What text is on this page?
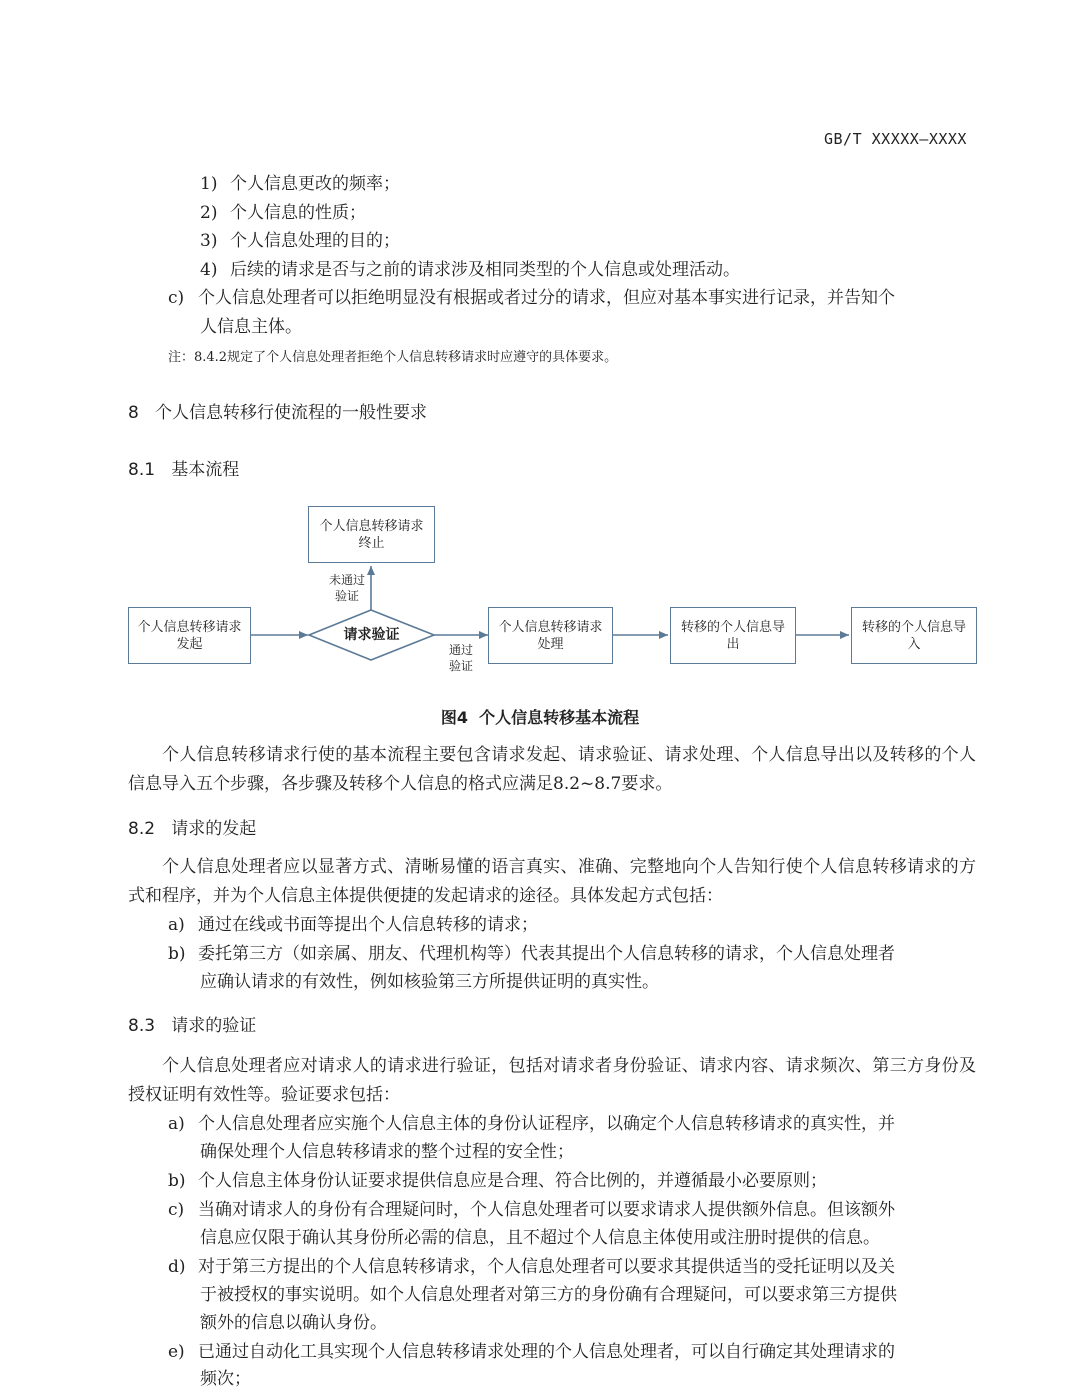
GB/T XXXXX—XXXX
1) 个人信息更改的频率；
2) 个人信息的性质；
3) 个人信息处理的目的；
4) 后续的请求是否与之前的请求涉及相同类型的个人信息或处理活动。
c) 个人信息处理者可以拒绝明显没有根据或者过分的请求，但应对基本事实进行记录，并告知个
人信息主体。
注：8.4.2规定了个人信息处理者拒绝个人信息转移请求时应遵守的具体要求。
8   个人信息转移行使流程的一般性要求
8.1   基本流程
个人信息转移请求终止
个人信息转移请求发起
请求验证	个人信息转移请求处理
转移的个人信息导出
转移的个人信息导入
未通过
验证
通过
验证
图4  个人信息转移基本流程
个人信息转移请求行使的基本流程主要包含请求发起、请求验证、请求处理、个人信息导出以及转移的个人信息导入五个步骤，各步骤及转移个人信息的格式应满足8.2~8.7要求。
8.2   请求的发起
个人信息处理者应以显著方式、清晰易懂的语言真实、准确、完整地向个人告知行使个人信息转移请求的方式和程序，并为个人信息主体提供便捷的发起请求的途径。具体发起方式包括：
a) 通过在线或书面等提出个人信息转移的请求；
b) 委托第三方（如亲属、朋友、代理机构等）代表其提出个人信息转移的请求，个人信息处理者
应确认请求的有效性，例如核验第三方所提供证明的真实性。
8.3   请求的验证
个人信息处理者应对请求人的请求进行验证，包括对请求者身份验证、请求内容、请求频次、第三方身份及授权证明有效性等。验证要求包括：
a) 个人信息处理者应实施个人信息主体的身份认证程序，以确定个人信息转移请求的真实性，并
确保处理个人信息转移请求的整个过程的安全性；
b) 个人信息主体身份认证要求提供信息应是合理、符合比例的，并遵循最小必要原则；
c) 当确对请求人的身份有合理疑问时，个人信息处理者可以要求请求人提供额外信息。但该额外
信息应仅限于确认其身份所必需的信息，且不超过个人信息主体使用或注册时提供的信息。
d) 对于第三方提出的个人信息转移请求，个人信息处理者可以要求其提供适当的受托证明以及关
于被授权的事实说明。如个人信息处理者对第三方的身份确有合理疑问，可以要求第三方提供
额外的信息以确认身份。
e) 已通过自动化工具实现个人信息转移请求处理的个人信息处理者，可以自行确定其处理请求的
频次；
